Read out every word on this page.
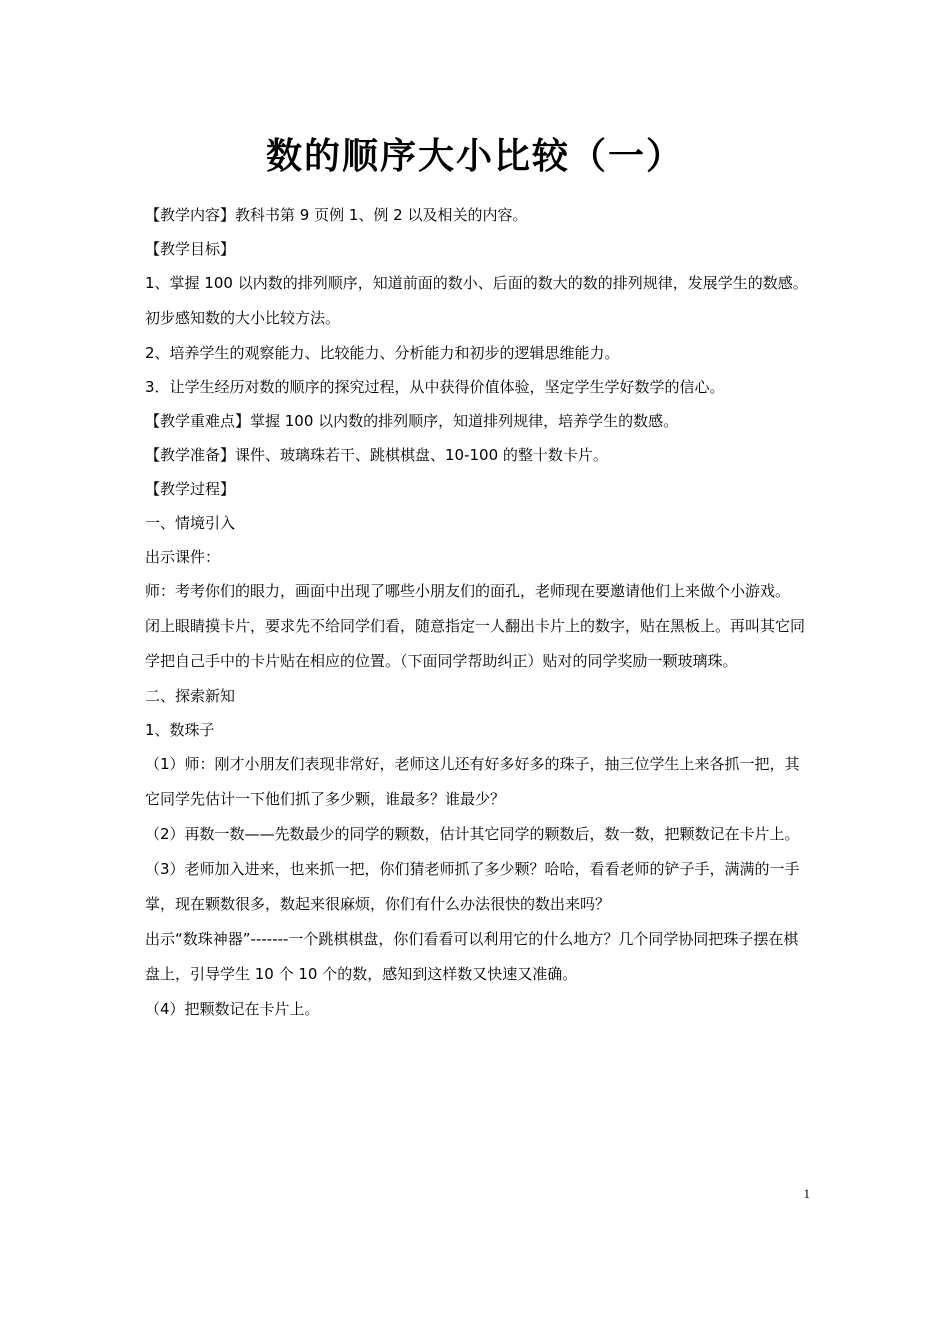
数的顺序大小比较（一）

【教学内容】教科书第 9 页例 1、例 2 以及相关的内容。

【教学目标】

1、掌握 100 以内数的排列顺序，知道前面的数小、后面的数大的数的排列规律，发展学生的数感。初步感知数的大小比较方法。

2、培养学生的观察能力、比较能力、分析能力和初步的逻辑思维能力。

3．让学生经历对数的顺序的探究过程，从中获得价值体验，坚定学生学好数学的信心。

【教学重难点】掌握 100 以内数的排列顺序，知道排列规律，培养学生的数感。

【教学准备】课件、玻璃珠若干、跳棋棋盘、10-100 的整十数卡片。

【教学过程】

一、情境引入

出示课件：

师：考考你们的眼力，画面中出现了哪些小朋友们的面孔，老师现在要邀请他们上来做个小游戏。

闭上眼睛摸卡片，要求先不给同学们看，随意指定一人翻出卡片上的数字，贴在黑板上。再叫其它同学把自己手中的卡片贴在相应的位置。（下面同学帮助纠正）贴对的同学奖励一颗玻璃珠。

二、探索新知

1、数珠子

（1）师：刚才小朋友们表现非常好，老师这儿还有好多好多的珠子，抽三位学生上来各抓一把，其它同学先估计一下他们抓了多少颗，谁最多？谁最少？

（2）再数一数——先数最少的同学的颗数，估计其它同学的颗数后，数一数，把颗数记在卡片上。

（3）老师加入进来，也来抓一把，你们猜老师抓了多少颗？哈哈，看看老师的铲子手，满满的一手掌，现在颗数很多，数起来很麻烦，你们有什么办法很快的数出来吗？

出示“数珠神器”-------一个跳棋棋盘，你们看看可以利用它的什么地方？几个同学协同把珠子摆在棋盘上，引导学生 10 个 10 个的数，感知到这样数又快速又准确。

（4）把颗数记在卡片上。

1
